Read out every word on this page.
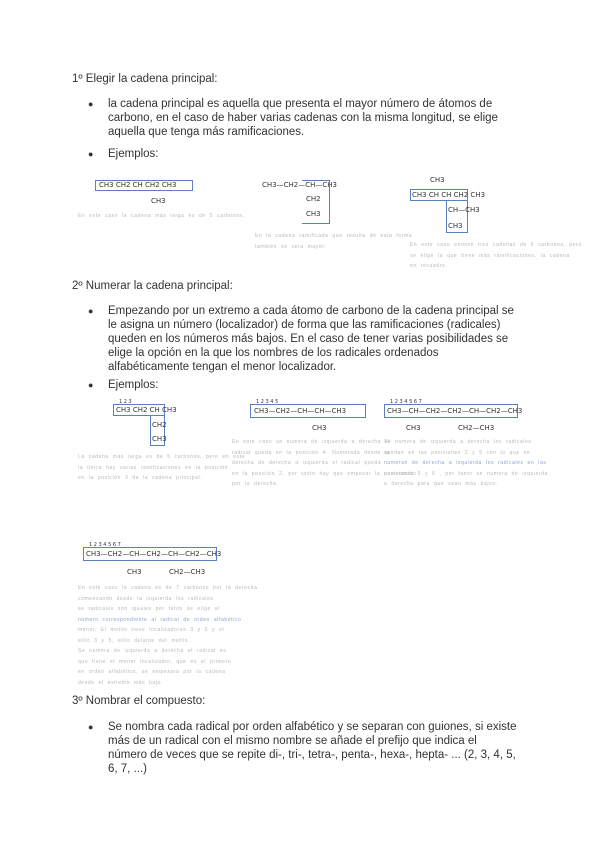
1º Elegir la cadena principal:
● la cadena principal es aquella que presenta el mayor número de átomos de carbono, en el caso de haber varias cadenas con la misma longitud, se elige aquella que tenga más ramificaciones.
● Ejemplos:
CH3 CH2 CH CH2 CH3
CH3
En este caso la cadena más larga es de 5 carbonos.
CH3—CH2—CH—CH3
CH2
CH3
En la cadena ramificada que resulta de esta forma
también se vera mayor.
CH3
CH3 CH CH CH2 CH3
CH—CH3
CH3
En este caso existen tres cadenas de 6 carbonos, pero
se elige la que tiene más ramificaciones, la cadena
en recuadro.
2º Numerar la cadena principal:
● Empezando por un extremo a cada átomo de carbono de la cadena principal se le asigna un número (localizador) de forma que las ramificaciones (radicales) queden en los números más bajos. En el caso de tener varias posibilidades se elige la opción en la que los nombres de los radicales ordenados alfabéticamente tengan el menor localizador.
● Ejemplos:
1 2 3
CH3 CH2 CH CH3
CH2
CH3
La cadena más larga es de 5 carbonos, pero en este
la única hay varias ramificaciones en la posición
en la posición 3 de la cadena principal.
1 2 3 4 5
CH3—CH2—CH—CH—CH3
CH3
En este caso se numera de izquierda a derecha el
radical queda en la posición 4. Numerada desde la
derecha de derecha a izquierda el radical queda
en la posición 2, por tanto hay que empezar la numeración
por la derecha.
1 2 3 4 5 6 7
CH3—CH—CH2—CH2—CH—CH2—CH3
CH3	CH2—CH3
Se numera de izquierda a derecha los radicales
quedan en las posiciones 2 y 5 con lo que se
numeran de derecha a izquierda los radicales en las
posiciones 3 y 6 , por tanto se numera de izquierda
a derecha para que sean más bajos.
1 2 3 4 5 6 7
CH3—CH2—CH—CH2—CH—CH2—CH3
CH3	CH2—CH3
En este caso la cadena es de 7 carbonos por la derecha
comenzando desde la izquierda los radicales
se radicales son iguales por tanto se elige el
número correspondiente al radical de orden alfabético
menor. El metilo tiene localizadores 3 y 5 y el
etilo 3 y 5, etilo delante del metilo.
Se numera de izquierda a derecha el radical es
que tiene el menor localizador, que es el primero
en orden alfabético, se empezará por la cadena
desde el extremo más bajo.
3º Nombrar el compuesto:
● Se nombra cada radical por orden alfabético y se separan con guiones, si existe más de un radical con el mismo nombre se añade el prefijo que indica el número de veces que se repite di-, tri-, tetra-, penta-, hexa-, hepta- ... (2, 3, 4, 5, 6, 7, ...)
